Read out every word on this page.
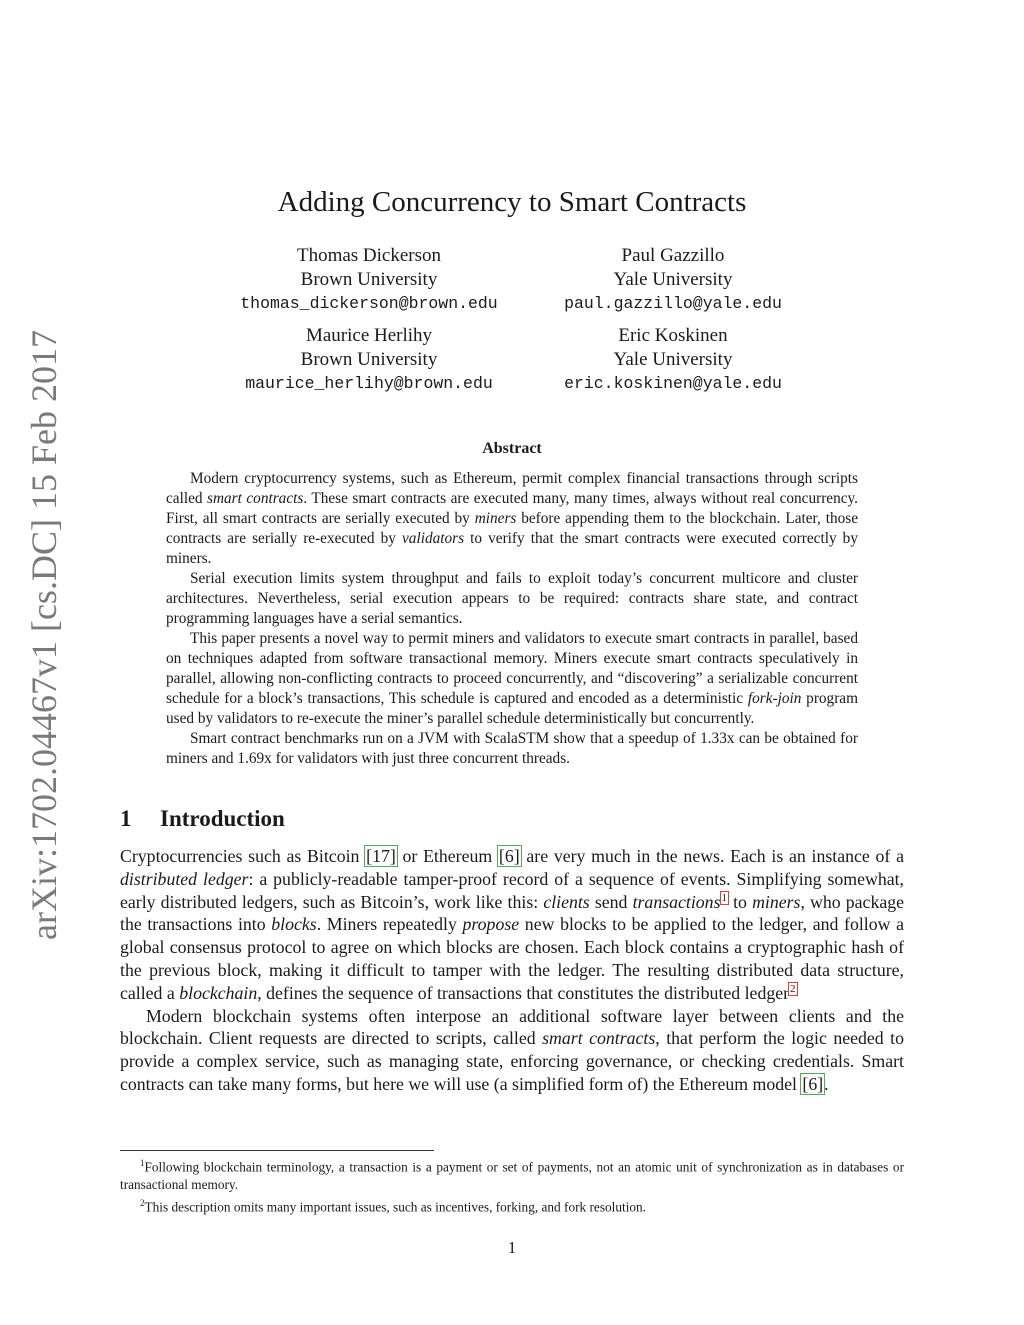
arXiv:1702.04467v1 [cs.DC] 15 Feb 2017
Adding Concurrency to Smart Contracts
Thomas Dickerson
Brown University
thomas_dickerson@brown.edu
Paul Gazzillo
Yale University
paul.gazzillo@yale.edu
Maurice Herlihy
Brown University
maurice_herlihy@brown.edu
Eric Koskinen
Yale University
eric.koskinen@yale.edu
Abstract

Modern cryptocurrency systems, such as Ethereum, permit complex financial transactions through scripts called smart contracts. These smart contracts are executed many, many times, always without real concurrency. First, all smart contracts are serially executed by miners before appending them to the blockchain. Later, those contracts are serially re-executed by validators to verify that the smart contracts were executed correctly by miners.

Serial execution limits system throughput and fails to exploit today’s concurrent multicore and cluster architectures. Nevertheless, serial execution appears to be required: contracts share state, and contract programming languages have a serial semantics.

This paper presents a novel way to permit miners and validators to execute smart contracts in parallel, based on techniques adapted from software transactional memory. Miners execute smart contracts speculatively in parallel, allowing non-conflicting contracts to proceed concurrently, and “discovering” a serializable concurrent schedule for a block’s transactions, This schedule is captured and encoded as a deterministic fork-join program used by validators to re-execute the miner’s parallel schedule deterministically but concurrently.

Smart contract benchmarks run on a JVM with ScalaSTM show that a speedup of 1.33x can be obtained for miners and 1.69x for validators with just three concurrent threads.

1 Introduction

Cryptocurrencies such as Bitcoin [17] or Ethereum [6] are very much in the news. Each is an instance of a distributed ledger: a publicly-readable tamper-proof record of a sequence of events. Simplifying somewhat, early distributed ledgers, such as Bitcoin’s, work like this: clients send transactions$^1$ to miners, who package the transactions into blocks. Miners repeatedly propose new blocks to be applied to the ledger, and follow a global consensus protocol to agree on which blocks are chosen. Each block contains a cryptographic hash of the previous block, making it difficult to tamper with the ledger. The resulting distributed data structure, called a blockchain, defines the sequence of transactions that constitutes the distributed ledger$^2$

Modern blockchain systems often interpose an additional software layer between clients and the blockchain. Client requests are directed to scripts, called smart contracts, that perform the logic needed to provide a complex service, such as managing state, enforcing governance, or checking credentials. Smart contracts can take many forms, but here we will use (a simplified form of) the Ethereum model [6].

$^1$Following blockchain terminology, a transaction is a payment or set of payments, not an atomic unit of synchronization as in databases or transactional memory.

$^2$This description omits many important issues, such as incentives, forking, and fork resolution.

1
